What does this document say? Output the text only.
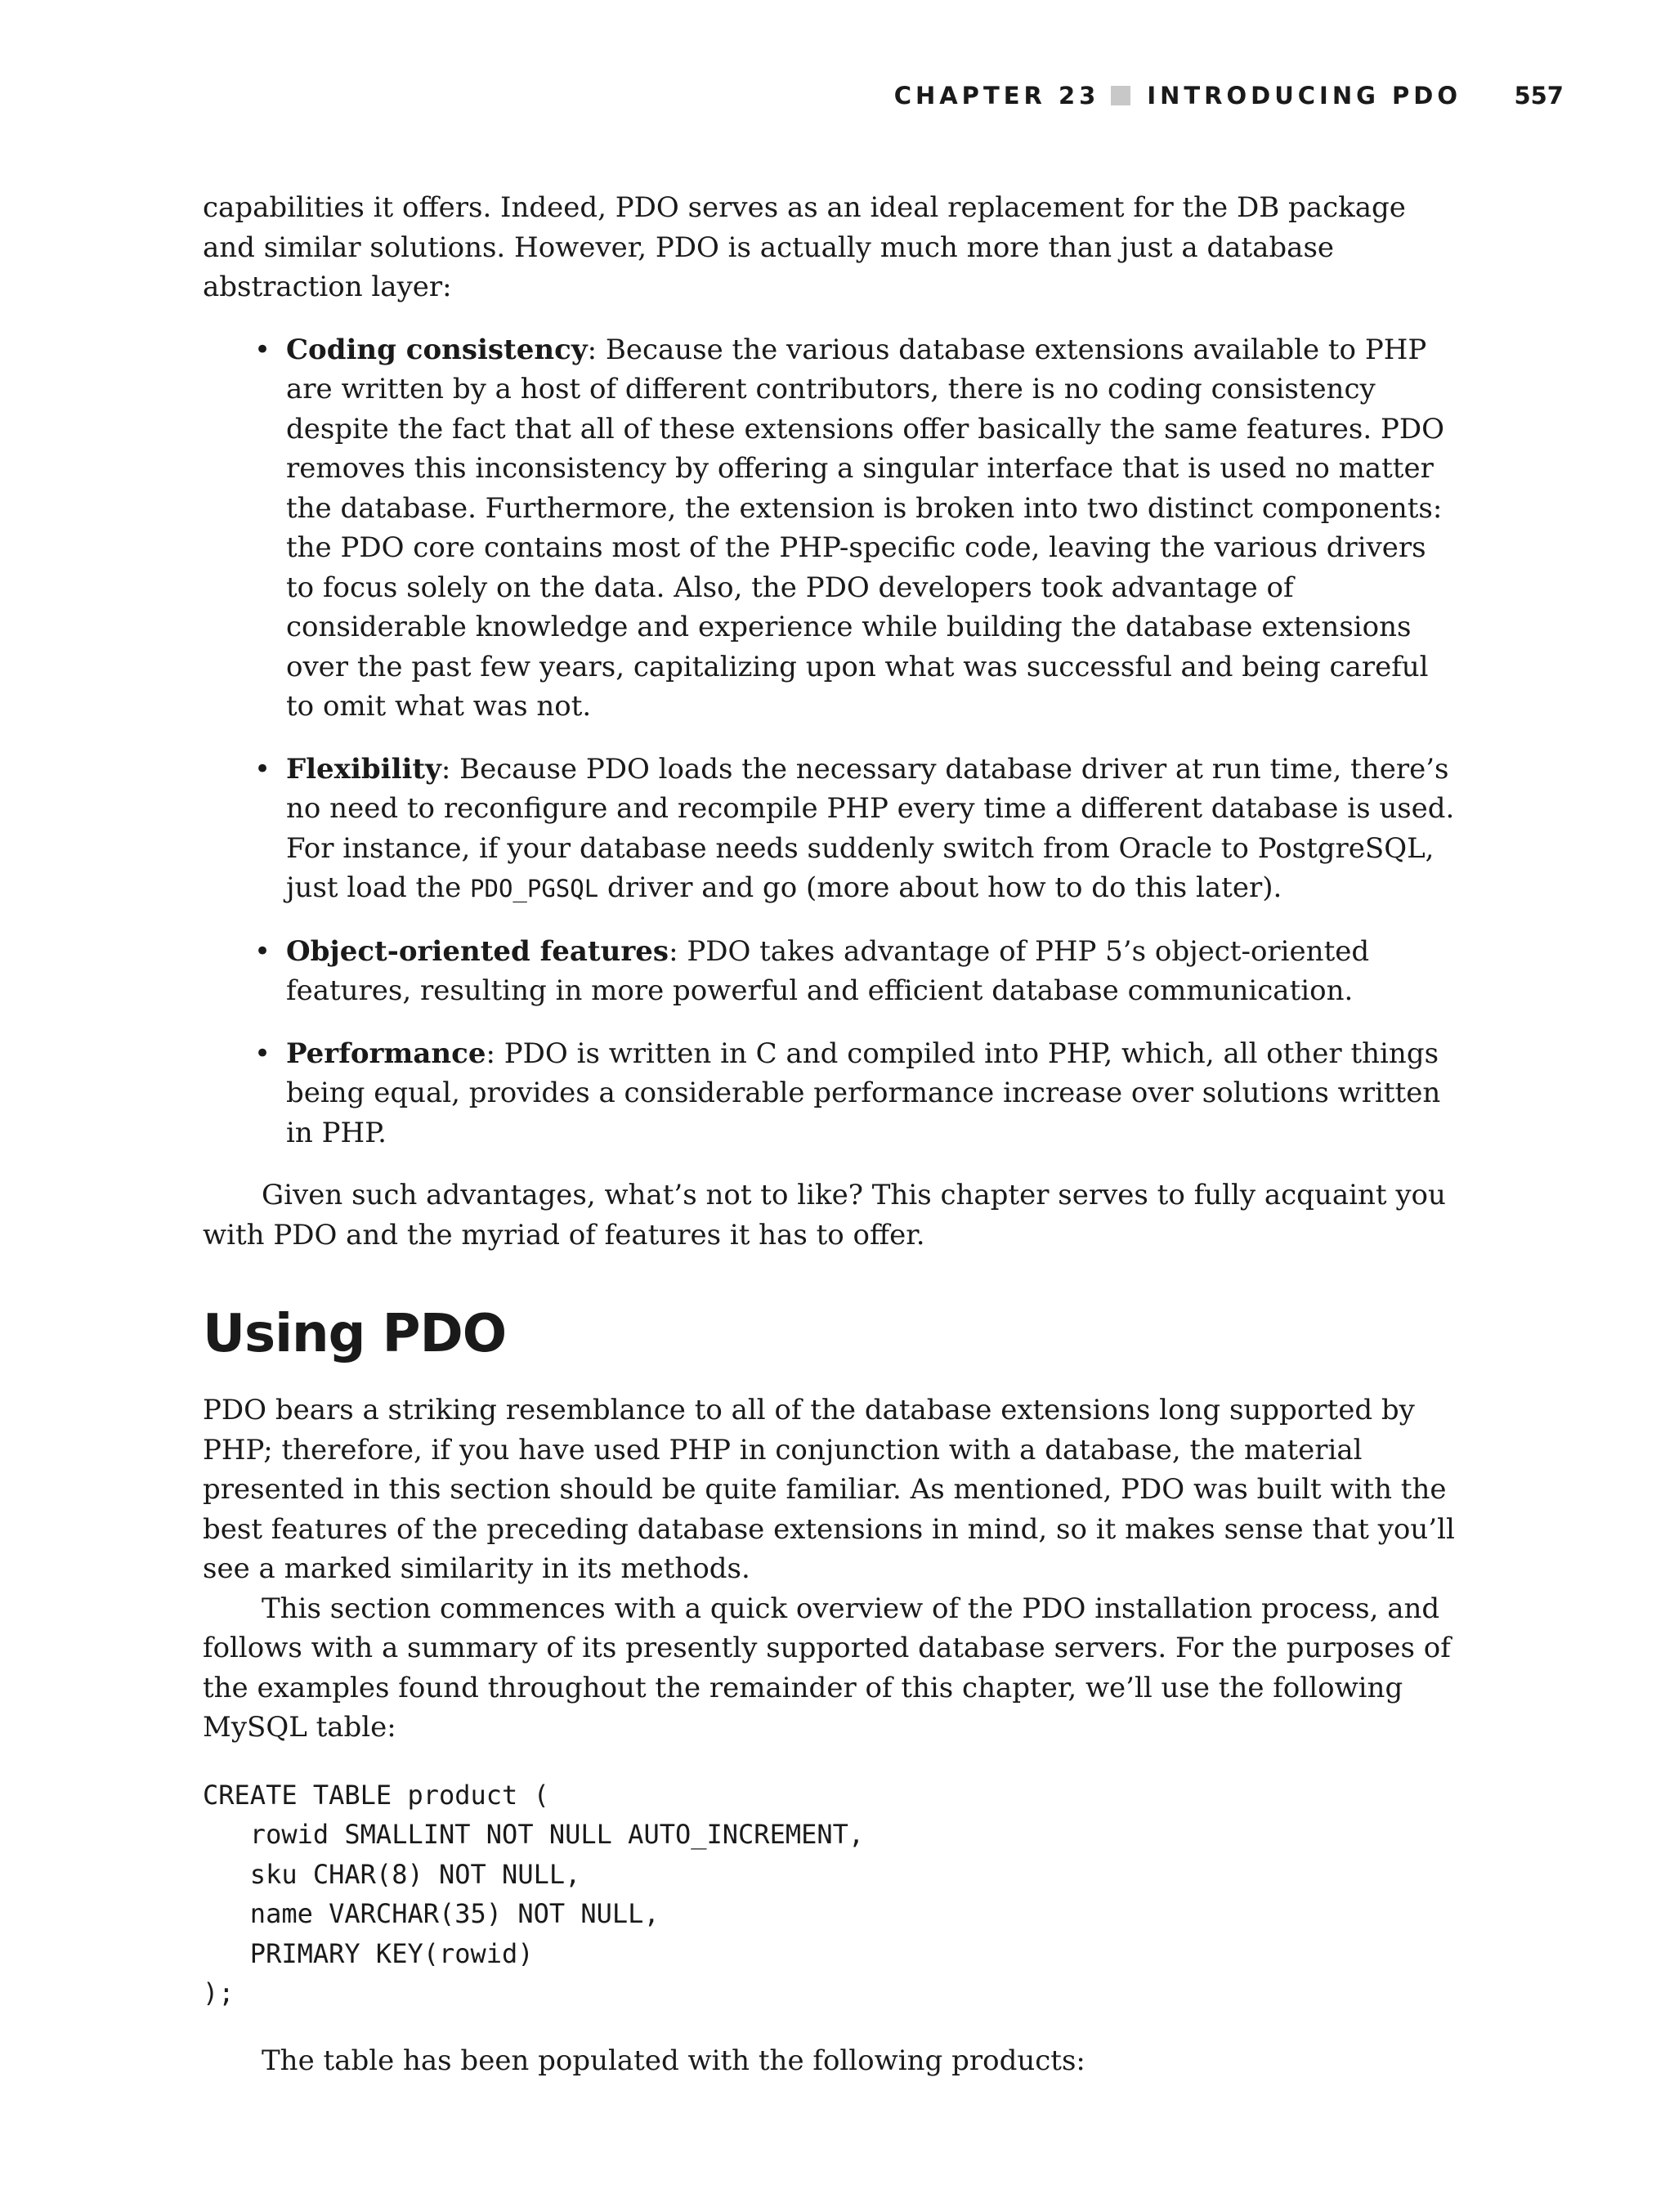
CHAPTER 23 INTRODUCING PDO 557

capabilities it offers. Indeed, PDO serves as an ideal replacement for the DB package and similar solutions. However, PDO is actually much more than just a database abstraction layer:

• Coding consistency: Because the various database extensions available to PHP are written by a host of different contributors, there is no coding consistency despite the fact that all of these extensions offer basically the same features. PDO removes this inconsistency by offering a singular interface that is used no matter the database. Furthermore, the extension is broken into two distinct components: the PDO core contains most of the PHP-specific code, leaving the various drivers to focus solely on the data. Also, the PDO developers took advantage of considerable knowledge and experience while building the database extensions over the past few years, capitalizing upon what was successful and being careful to omit what was not.
• Flexibility: Because PDO loads the necessary database driver at run time, there’s no need to reconfigure and recompile PHP every time a different database is used. For instance, if your database needs suddenly switch from Oracle to PostgreSQL, just load the PDO_PGSQL driver and go (more about how to do this later).
• Object-oriented features: PDO takes advantage of PHP 5’s object-oriented features, resulting in more powerful and efficient database communication.
• Performance: PDO is written in C and compiled into PHP, which, all other things being equal, provides a considerable performance increase over solutions written in PHP.

Given such advantages, what’s not to like? This chapter serves to fully acquaint you with PDO and the myriad of features it has to offer.

Using PDO

PDO bears a striking resemblance to all of the database extensions long supported by PHP; therefore, if you have used PHP in conjunction with a database, the material presented in this section should be quite familiar. As mentioned, PDO was built with the best features of the preceding database extensions in mind, so it makes sense that you’ll see a marked similarity in its methods.

This section commences with a quick overview of the PDO installation process, and follows with a summary of its presently supported database servers. For the purposes of the examples found throughout the remainder of this chapter, we’ll use the following MySQL table:

CREATE TABLE product (
rowid SMALLINT NOT NULL AUTO_INCREMENT,
sku CHAR(8) NOT NULL,
name VARCHAR(35) NOT NULL,
PRIMARY KEY(rowid)
);

The table has been populated with the following products:
